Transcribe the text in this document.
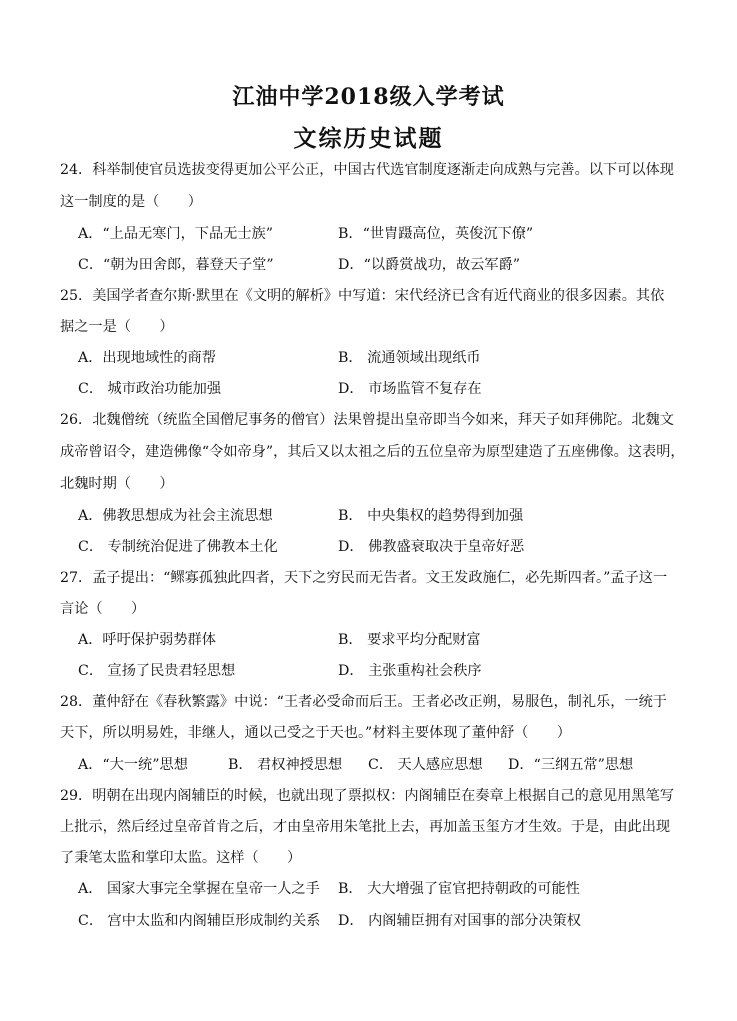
江油中学2018级入学考试
文综历史试题
24．科举制使官员选拔变得更加公平公正，中国古代选官制度逐渐走向成熟与完善。以下可以体现
这一制度的是（　　）
A．“上品无寒门，下品无士族”	B．“世胄蹑高位，英俊沉下僚”
C．“朝为田舍郎，暮登天子堂”	D．“以爵赏战功，故云军爵”
25．美国学者查尔斯·默里在《文明的解析》中写道：宋代经济已含有近代商业的很多因素。其依
据之一是（　　）
A．出现地域性的商帮	B． 流通领域出现纸币
C． 城市政治功能加强	D． 市场监管不复存在
26．北魏僧统（统监全国僧尼事务的僧官）法果曾提出皇帝即当今如来，拜天子如拜佛陀。北魏文
成帝曾诏令，建造佛像“令如帝身”，其后又以太祖之后的五位皇帝为原型建造了五座佛像。这表明，
北魏时期（　　）
A．佛教思想成为社会主流思想	B． 中央集权的趋势得到加强
C． 专制统治促进了佛教本土化	D． 佛教盛衰取决于皇帝好恶
27．孟子提出：“鳏寡孤独此四者，天下之穷民而无告者。文王发政施仁，必先斯四者。”孟子这一
言论（　　）
A．呼吁保护弱势群体	B． 要求平均分配财富
C． 宣扬了民贵君轻思想	D． 主张重构社会秩序
28．董仲舒在《春秋繁露》中说：“王者必受命而后王。王者必改正朔，易服色，制礼乐，一统于
天下，所以明易姓，非继人，通以己受之于天也。”材料主要体现了董仲舒（　　）
A．“大一统”思想	B． 君权神授思想 C． 天人感应思想 D．“三纲五常”思想
29．明朝在出现内阁辅臣的时候，也就出现了票拟权：内阁辅臣在奏章上根据自己的意见用黑笔写
上批示，然后经过皇帝首肯之后，才由皇帝用朱笔批上去，再加盖玉玺方才生效。于是，由此出现
了秉笔太监和掌印太监。这样（　　）
A． 国家大事完全掌握在皇帝一人之手 B． 大大增强了宦官把持朝政的可能性
C． 宫中太监和内阁辅臣形成制约关系 D． 内阁辅臣拥有对国事的部分决策权
